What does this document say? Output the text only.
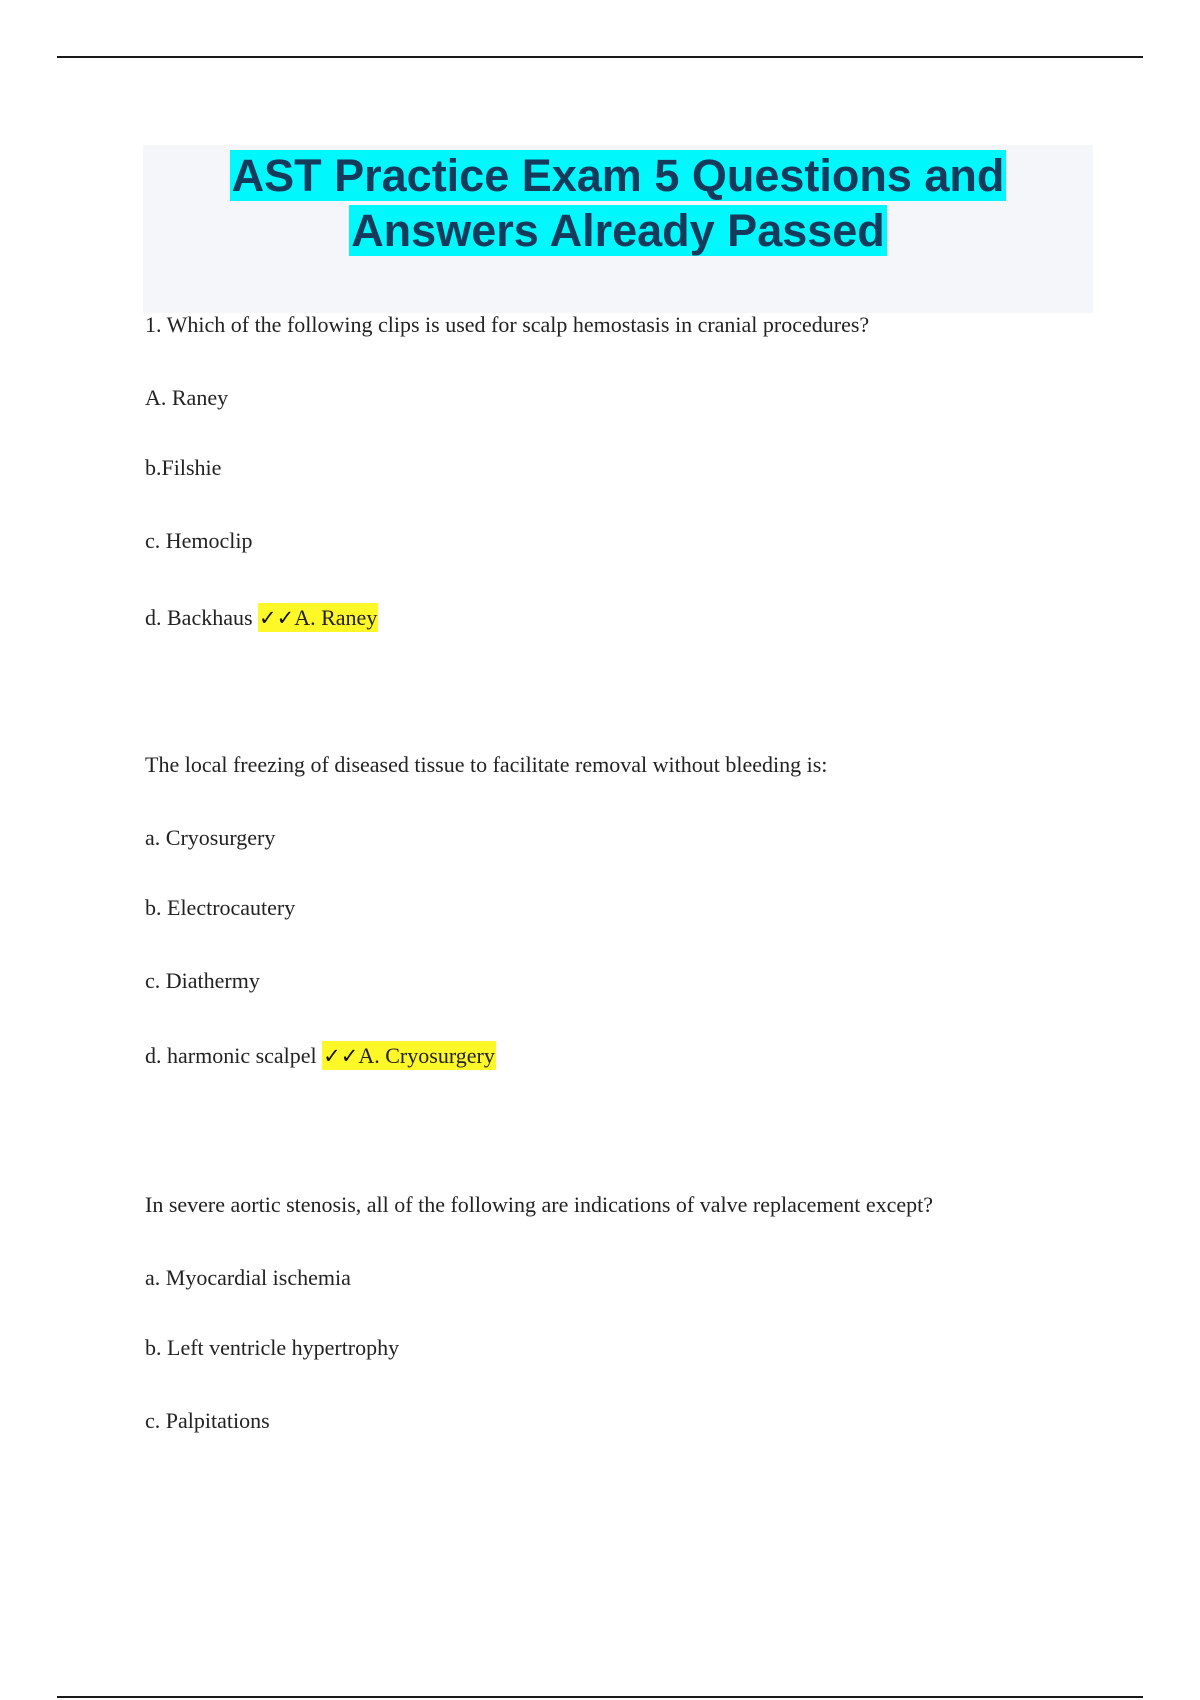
AST Practice Exam 5 Questions and
Answers Already Passed
1. Which of the following clips is used for scalp hemostasis in cranial procedures?
A. Raney
b.Filshie
c. Hemoclip
d. Backhaus ✓✓A. Raney
The local freezing of diseased tissue to facilitate removal without bleeding is:
a. Cryosurgery
b. Electrocautery
c. Diathermy
d. harmonic scalpel ✓✓A. Cryosurgery
In severe aortic stenosis, all of the following are indications of valve replacement except?
a. Myocardial ischemia
b. Left ventricle hypertrophy
c. Palpitations
